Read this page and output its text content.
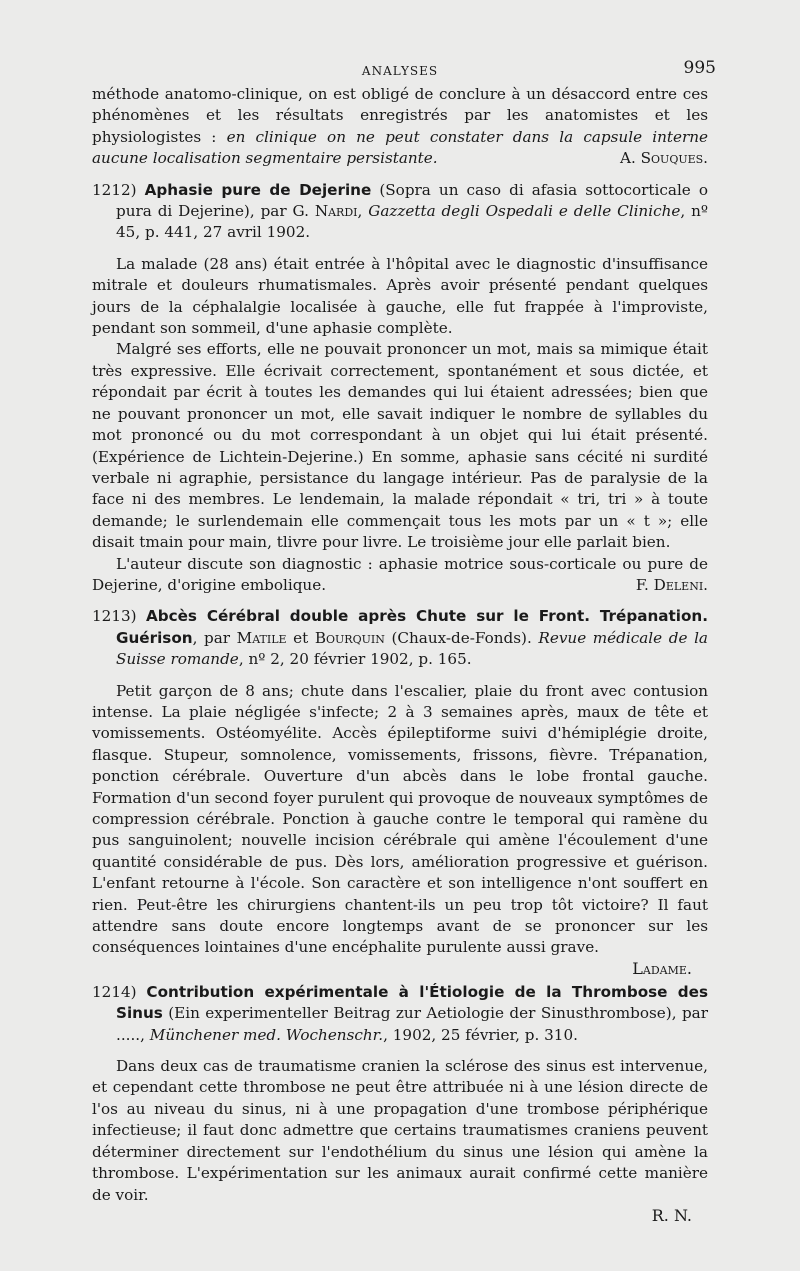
ANALYSES	995

méthode anatomo-clinique, on est obligé de conclure à un désaccord entre ces phénomènes et les résultats enregistrés par les anatomistes et les physiologistes : en clinique on ne peut constater dans la capsule interne aucune localisation segmentaire persistante.	A. Souques.

1212) Aphasie pure de Dejerine (Sopra un caso di afasia sottocorticale o pura di Dejerine), par G. Nardi, Gazzetta degli Ospedali e delle Cliniche, nº 45, p. 441, 27 avril 1902.

La malade (28 ans) était entrée à l'hôpital avec le diagnostic d'insuffisance mitrale et douleurs rhumatismales. Après avoir présenté pendant quelques jours de la céphalalgie localisée à gauche, elle fut frappée à l'improviste, pendant son sommeil, d'une aphasie complète.

Malgré ses efforts, elle ne pouvait prononcer un mot, mais sa mimique était très expressive. Elle écrivait correctement, spontanément et sous dictée, et répondait par écrit à toutes les demandes qui lui étaient adressées; bien que ne pouvant prononcer un mot, elle savait indiquer le nombre de syllables du mot prononcé ou du mot correspondant à un objet qui lui était présenté. (Expérience de Lichtein-Dejerine.) En somme, aphasie sans cécité ni surdité verbale ni agraphie, persistance du langage intérieur. Pas de paralysie de la face ni des membres. Le lendemain, la malade répondait « tri, tri » à toute demande; le surlendemain elle commençait tous les mots par un « t »; elle disait tmain pour main, tlivre pour livre. Le troisième jour elle parlait bien.

L'auteur discute son diagnostic : aphasie motrice sous-corticale ou pure de Dejerine, d'origine embolique.	F. Deleni.

1213) Abcès Cérébral double après Chute sur le Front. Trépanation. Guérison, par Matile et Bourquin (Chaux-de-Fonds). Revue médicale de la Suisse romande, nº 2, 20 février 1902, p. 165.

Petit garçon de 8 ans; chute dans l'escalier, plaie du front avec contusion intense. La plaie négligée s'infecte; 2 à 3 semaines après, maux de tête et vomissements. Ostéomyélite. Accès épileptiforme suivi d'hémiplégie droite, flasque. Stupeur, somnolence, vomissements, frissons, fièvre. Trépanation, ponction cérébrale. Ouverture d'un abcès dans le lobe frontal gauche. Formation d'un second foyer purulent qui provoque de nouveaux symptômes de compression cérébrale. Ponction à gauche contre le temporal qui ramène du pus sanguinolent; nouvelle incision cérébrale qui amène l'écoulement d'une quantité considérable de pus. Dès lors, amélioration progressive et guérison. L'enfant retourne à l'école. Son caractère et son intelligence n'ont souffert en rien. Peut-être les chirurgiens chantent-ils un peu trop tôt victoire? Il faut attendre sans doute encore longtemps avant de se prononcer sur les conséquences lointaines d'une encéphalite purulente aussi grave.

Ladame.
1214) Contribution expérimentale à l'Étiologie de la Thrombose des Sinus (Ein experimenteller Beitrag zur Aetiologie der Sinusthrombose), par ....., Münchener med. Wochenschr., 1902, 25 février, p. 310.

Dans deux cas de traumatisme cranien la sclérose des sinus est intervenue, et cependant cette thrombose ne peut être attribuée ni à une lésion directe de l'os au niveau du sinus, ni à une propagation d'une trombose périphérique infectieuse; il faut donc admettre que certains traumatismes craniens peuvent déterminer directement sur l'endothélium du sinus une lésion qui amène la thrombose. L'expérimentation sur les animaux aurait confirmé cette manière de voir.

R. N.
